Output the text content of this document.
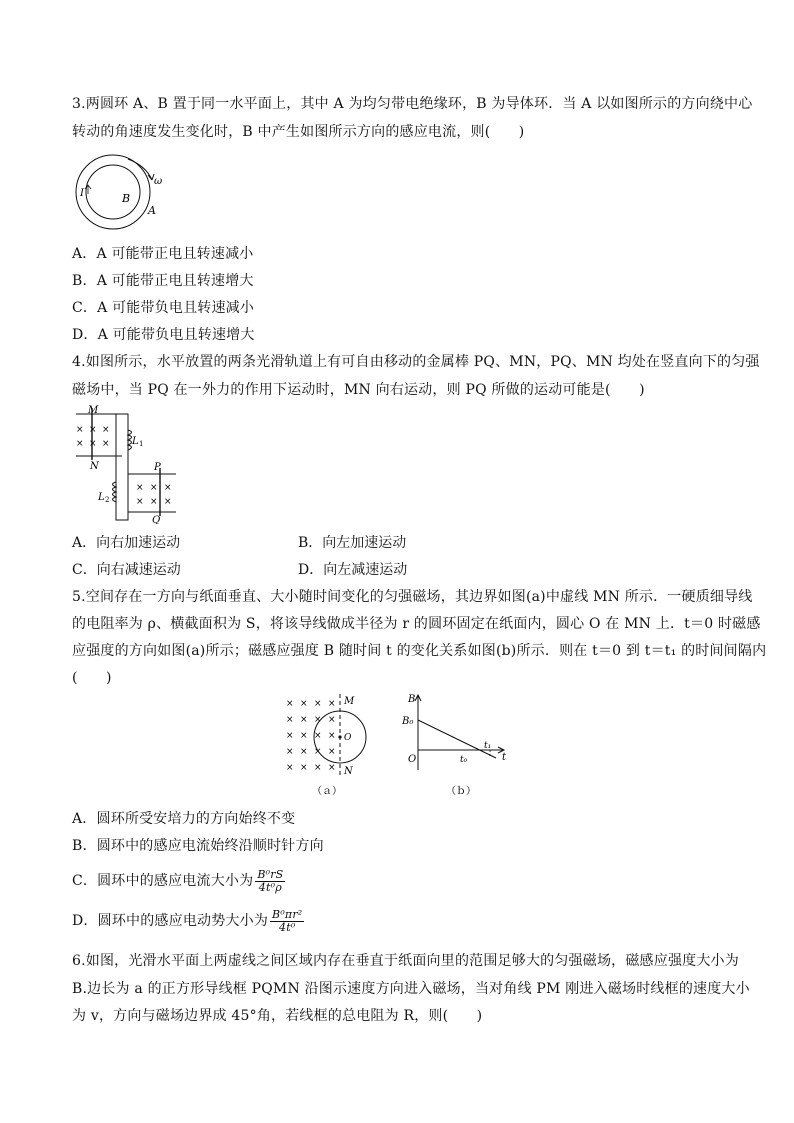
3.两圆环 A、B 置于同一水平面上，其中 A 为均匀带电绝缘环，B 为导体环．当 A 以如图所示的方向绕中心
转动的角速度发生变化时，B 中产生如图所示方向的感应电流，则(　　)
I	B
A
ω
A．A 可能带正电且转速减小
B．A 可能带正电且转速增大
C．A 可能带负电且转速减小
D．A 可能带负电且转速增大
4.如图所示，水平放置的两条光滑轨道上有可自由移动的金属棒 PQ、MN，PQ、MN 均处在竖直向下的匀强
磁场中，当 PQ 在一外力的作用下运动时，MN 向右运动，则 PQ 所做的运动可能是(　　)
× × ×
× × ×
× × ×
× × ×
M
N
L 1
L 2
P
Q
A．向右加速运动	B．向左加速运动
C．向右减速运动	D．向左减速运动
5.空间存在一方向与纸面垂直、大小随时间变化的匀强磁场，其边界如图(a)中虚线 MN 所示．一硬质细导线
的电阻率为 ρ、横截面积为 S，将该导线做成半径为 r 的圆环固定在纸面内，圆心 O 在 MN 上．t＝0 时磁感
应强度的方向如图(a)所示；磁感应强度 B 随时间 t 的变化关系如图(b)所示．则在 t＝0 到 t＝t₁ 的时间间隔内
(　　)
× × × ×
× × × ×
× × × ×
× × × ×
× × × ×
O
M
N
（ａ）
B
B₀
O	t₀
t₁
t
（ｂ）
A．圆环所受安培力的方向始终不变
B．圆环中的感应电流始终沿顺时针方向
C．圆环中的感应电流大小为 $\frac{\text{B⁰rS}}{\text{4t⁰ρ}}$
D．圆环中的感应电动势大小为 $\frac{\text{B⁰πr²}}{\text{4t⁰}}$
6.如图，光滑水平面上两虚线之间区域内存在垂直于纸面向里的范围足够大的匀强磁场，磁感应强度大小为
B.边长为 a 的正方形导线框 PQMN 沿图示速度方向进入磁场，当对角线 PM 刚进入磁场时线框的速度大小
为 v，方向与磁场边界成 45°角，若线框的总电阻为 R，则(　　)
